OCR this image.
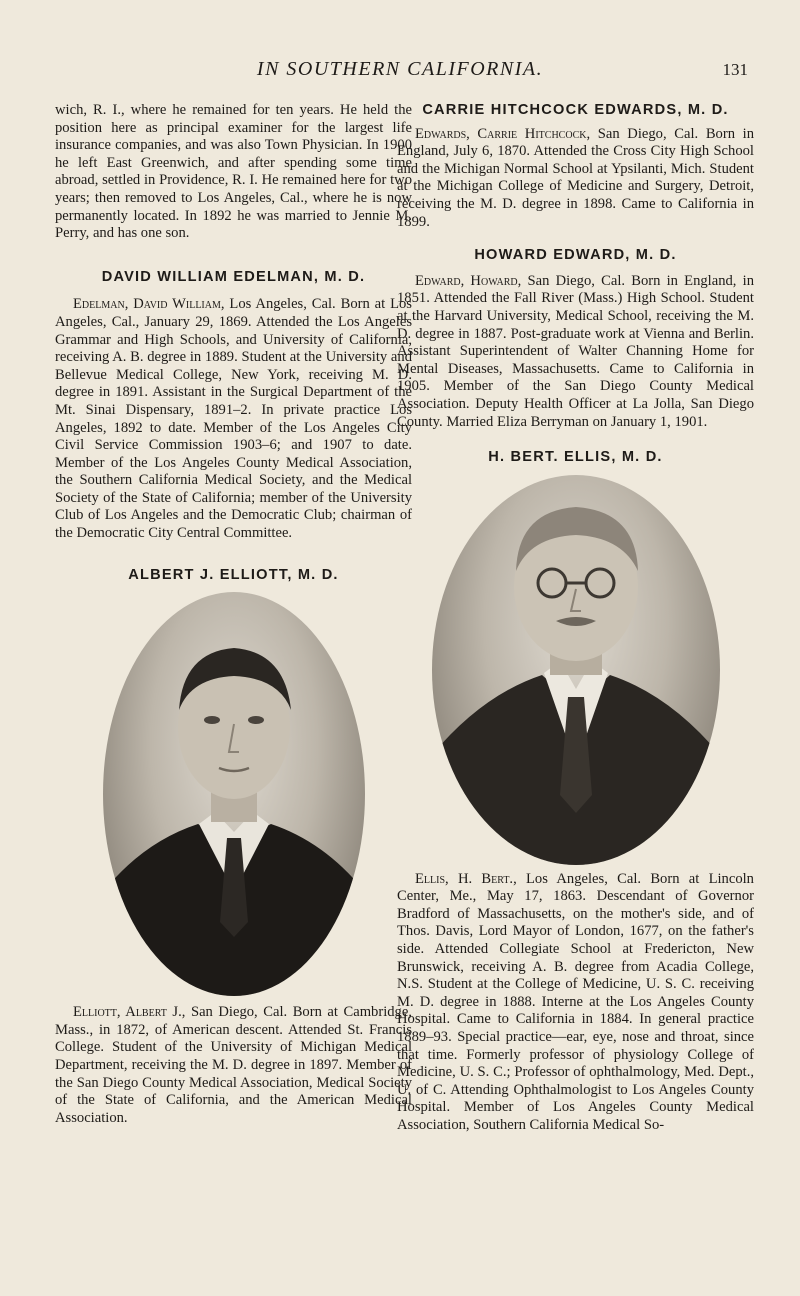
IN SOUTHERN CALIFORNIA.	131

wich, R. I., where he remained for ten years. He held the position here as principal examiner for the largest life insurance companies, and was also Town Physician. In 1900 he left East Greenwich, and after spending some time abroad, settled in Providence, R. I. He remained here for two years; then removed to Los Angeles, Cal., where he is now permanently located. In 1892 he was married to Jennie M. Perry, and has one son.

DAVID WILLIAM EDELMAN, M. D.

Edelman, David William, Los Angeles, Cal. Born at Los Angeles, Cal., January 29, 1869. Attended the Los Angeles Grammar and High Schools, and University of California, receiving A. B. degree in 1889. Student at the University and Bellevue Medical College, New York, receiving M. D. degree in 1891. Assistant in the Surgical Department of the Mt. Sinai Dispensary, 1891–2. In private practice Los Angeles, 1892 to date. Member of the Los Angeles City Civil Service Commission 1903–6; and 1907 to date. Member of the Los Angeles County Medical Association, the Southern California Medical Society, and the Medical Society of the State of California; member of the University Club of Los Angeles and the Democratic Club; chairman of the Democratic City Central Committee.

ALBERT J. ELLIOTT, M. D.

Elliott, Albert J., San Diego, Cal. Born at Cambridge, Mass., in 1872, of American descent. Attended St. Francis College. Student of the University of Michigan Medical Department, receiving the M. D. degree in 1897. Member of the San Diego County Medical Association, Medical Society of the State of California, and the American Medical Association.

CARRIE HITCHCOCK EDWARDS, M. D.

Edwards, Carrie Hitchcock, San Diego, Cal. Born in England, July 6, 1870. Attended the Cross City High School and the Michigan Normal School at Ypsilanti, Mich. Student at the Michigan College of Medicine and Surgery, Detroit, receiving the M. D. degree in 1898. Came to California in 1899.

HOWARD EDWARD, M. D.

Edward, Howard, San Diego, Cal. Born in England, in 1851. Attended the Fall River (Mass.) High School. Student at the Harvard University, Medical School, receiving the M. D. degree in 1887. Post-graduate work at Vienna and Berlin. Assistant Superintendent of Walter Channing Home for Mental Diseases, Massachusetts. Came to California in 1905. Member of the San Diego County Medical Association. Deputy Health Officer at La Jolla, San Diego County. Married Eliza Berryman on January 1, 1901.

H. BERT. ELLIS, M. D.

Ellis, H. Bert., Los Angeles, Cal. Born at Lincoln Center, Me., May 17, 1863. Descendant of Governor Bradford of Massachusetts, on the mother's side, and of Thos. Davis, Lord Mayor of London, 1677, on the father's side. Attended Collegiate School at Fredericton, New Brunswick, receiving A. B. degree from Acadia College, N.S. Student at the College of Medicine, U. S. C. receiving M. D. degree in 1888. Interne at the Los Angeles County Hospital. Came to California in 1884. In general practice 1889–93. Special practice—ear, eye, nose and throat, since that time. Formerly professor of physiology College of Medicine, U. S. C.; Professor of ophthalmology, Med. Dept., U. of C. Attending Ophthalmologist to Los Angeles County Hospital. Member of Los Angeles County Medical Association, Southern California Medical So-
